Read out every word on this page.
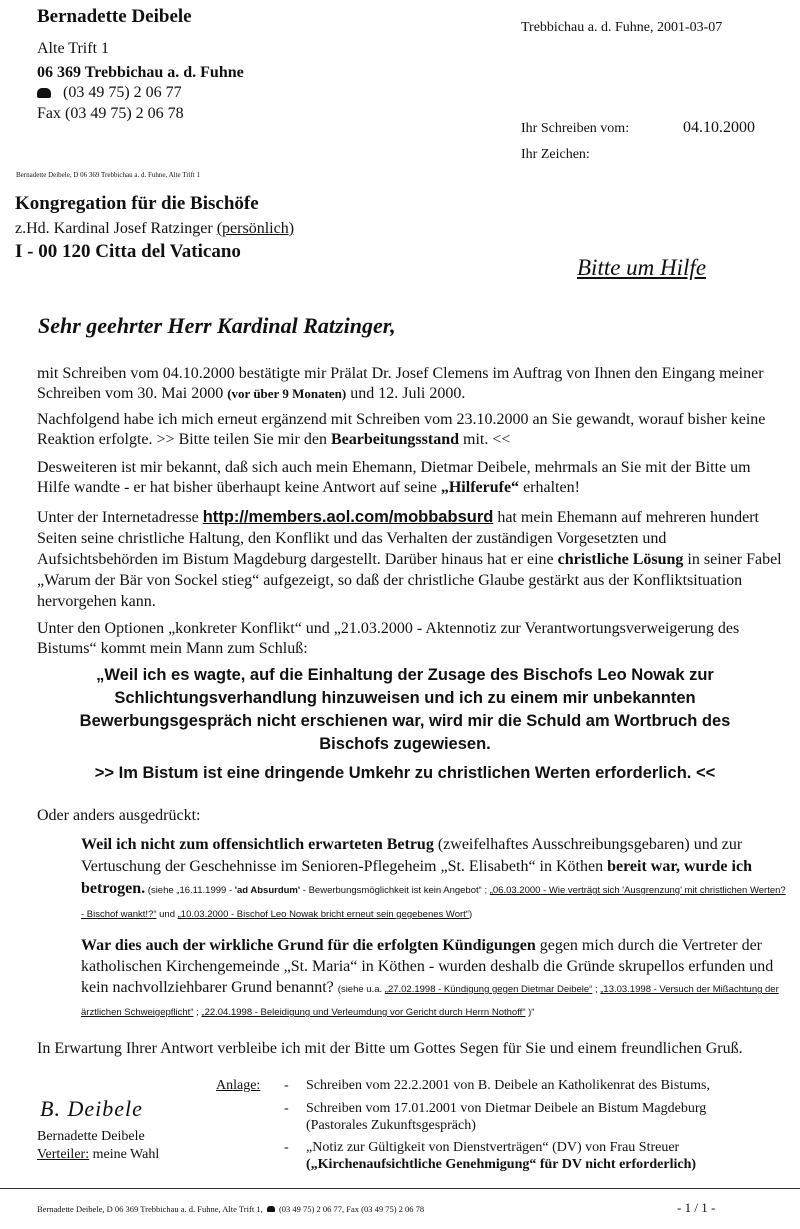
Bernadette Deibele
Alte Trift 1
06 369 Trebbichau a. d. Fuhne
(03 49 75) 2 06 77
Fax (03 49 75) 2 06 78
Trebbichau a. d. Fuhne, 2001-03-07
Ihr Schreiben vom:	04.10.2000
Ihr Zeichen:
Bernadette Deibele, D 06 369 Trebbichau a. d. Fuhne, Alte Trift 1
Kongregation für die Bischöfe
z.Hd. Kardinal Josef Ratzinger (persönlich)
I - 00 120 Citta del Vaticano
Bitte um Hilfe
Sehr geehrter Herr Kardinal Ratzinger,
mit Schreiben vom 04.10.2000 bestätigte mir Prälat Dr. Josef Clemens im Auftrag von Ihnen den Eingang meiner Schreiben vom 30. Mai 2000 (vor über 9 Monaten) und 12. Juli 2000.
Nachfolgend habe ich mich erneut ergänzend mit Schreiben vom 23.10.2000 an Sie gewandt, worauf bisher keine Reaktion erfolgte. >> Bitte teilen Sie mir den Bearbeitungsstand mit. <<
Desweiteren ist mir bekannt, daß sich auch mein Ehemann, Dietmar Deibele, mehrmals an Sie mit der Bitte um Hilfe wandte - er hat bisher überhaupt keine Antwort auf seine „Hilferufe“ erhalten!
Unter der Internetadresse http://members.aol.com/mobbabsurd hat mein Ehemann auf mehreren hundert Seiten seine christliche Haltung, den Konflikt und das Verhalten der zuständigen Vorgesetzten und Aufsichtsbehörden im Bistum Magdeburg dargestellt. Darüber hinaus hat er eine christliche Lösung in seiner Fabel „Warum der Bär von Sockel stieg“ aufgezeigt, so daß der christliche Glaube gestärkt aus der Konfliktsituation hervorgehen kann.
Unter den Optionen „konkreter Konflikt“ und „21.03.2000 - Aktennotiz zur Verantwortungsverweigerung des Bistums“ kommt mein Mann zum Schluß:
„Weil ich es wagte, auf die Einhaltung der Zusage des Bischofs Leo Nowak zur Schlichtungsverhandlung hinzuweisen und ich zu einem mir unbekannten Bewerbungsgespräch nicht erschienen war, wird mir die Schuld am Wortbruch des Bischofs zugewiesen.
>> Im Bistum ist eine dringende Umkehr zu christlichen Werten erforderlich. <<
Oder anders ausgedrückt:
Weil ich nicht zum offensichtlich erwarteten Betrug (zweifelhaftes Ausschreibungsgebaren) und zur Vertuschung der Geschehnisse im Senioren-Pflegeheim „St. Elisabeth“ in Köthen bereit war, wurde ich betrogen. (siehe „16.11.1999 - 'ad Absurdum' - Bewerbungsmöglichkeit ist kein Angebot“ ; „06.03.2000 - Wie verträgt sich 'Ausgrenzung' mit christlichen Werten? - Bischof wankt!?“ und „10.03.2000 - Bischof Leo Nowak bricht erneut sein gegebenes Wort“)
War dies auch der wirkliche Grund für die erfolgten Kündigungen gegen mich durch die Vertreter der katholischen Kirchengemeinde „St. Maria“ in Köthen - wurden deshalb die Gründe skrupellos erfunden und kein nachvollziehbarer Grund benannt? (siehe u.a. „27.02.1998 - Kündigung gegen Dietmar Deibele“ ; „13.03.1998 - Versuch der Mißachtung der ärztlichen Schweigepflicht“ ; „22.04.1998 - Beleidigung und Verleumdung vor Gericht durch Herrn Nothoff“ )“
In Erwartung Ihrer Antwort verbleibe ich mit der Bitte um Gottes Segen für Sie und einem freundlichen Gruß.
B. Deibele
Bernadette Deibele
Verteiler: meine Wahl
Anlage: - Schreiben vom 22.2.2001 von B. Deibele an Katholikenrat des Bistums,
- Schreiben vom 17.01.2001 von Dietmar Deibele an Bistum Magdeburg
(Pastorales Zukunftsgespräch)
- „Notiz zur Gültigkeit von Dienstverträgen“ (DV) von Frau Streuer
(„Kirchenaufsichtliche Genehmigung“ für DV nicht erforderlich)
Bernadette Deibele, D 06 369 Trebbichau a. d. Fuhne, Alte Trift 1, (03 49 75) 2 06 77, Fax (03 49 75) 2 06 78	- 1 / 1 -
